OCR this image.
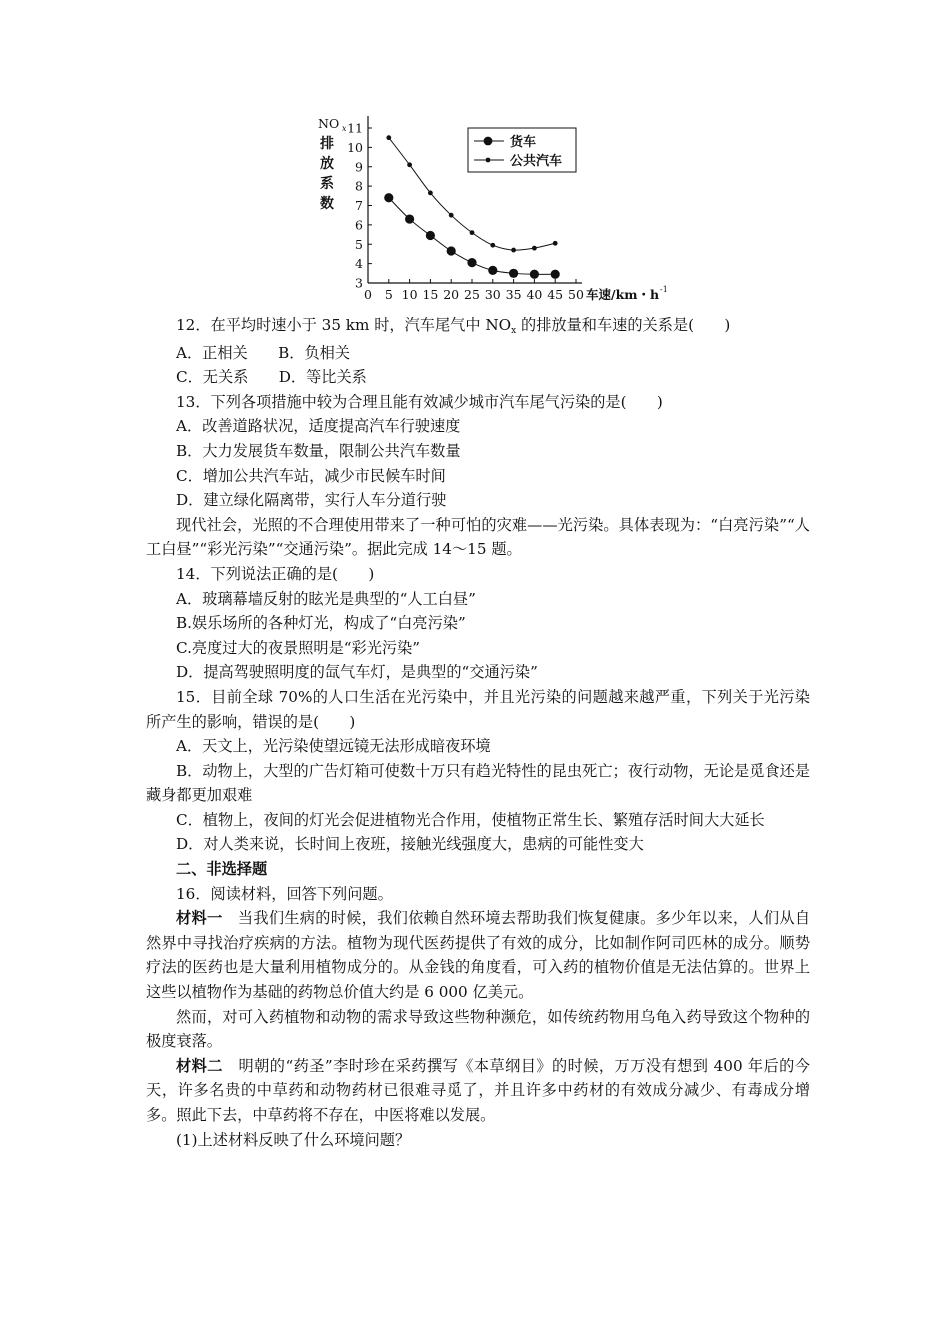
3
4
5
6
7
8
9
10
11
0 5 10 15 20 25 30 35 40 45 50 车速/km・h -1
NO x
排
放
系
数
货车
公共汽车

12．在平均时速小于 35 km 时，汽车尾气中 $NO_x$ 的排放量和车速的关系是(　　)

A．正相关　　B．负相关

C．无关系　　D．等比关系

13．下列各项措施中较为合理且能有效减少城市汽车尾气污染的是(　　)

A．改善道路状况，适度提高汽车行驶速度

B．大力发展货车数量，限制公共汽车数量

C．增加公共汽车站，减少市民候车时间

D．建立绿化隔离带，实行人车分道行驶

现代社会，光照的不合理使用带来了一种可怕的灾难——光污染。具体表现为：“白亮污染”“人工白昼”“彩光污染”“交通污染”。据此完成 14～15 题。

14．下列说法正确的是(　　)

A．玻璃幕墙反射的眩光是典型的“人工白昼”

B.娱乐场所的各种灯光，构成了“白亮污染”

C.亮度过大的夜景照明是“彩光污染”

D．提高驾驶照明度的氙气车灯，是典型的“交通污染”

15．目前全球 70%的人口生活在光污染中，并且光污染的问题越来越严重，下列关于光污染所产生的影响，错误的是(　　)

A．天文上，光污染使望远镜无法形成暗夜环境

B．动物上，大型的广告灯箱可使数十万只有趋光特性的昆虫死亡；夜行动物，无论是觅食还是藏身都更加艰难

C．植物上，夜间的灯光会促进植物光合作用，使植物正常生长、繁殖存活时间大大延长

D．对人类来说，长时间上夜班，接触光线强度大，患病的可能性变大

二、非选择题

16．阅读材料，回答下列问题。

材料一　当我们生病的时候，我们依赖自然环境去帮助我们恢复健康。多少年以来，人们从自然界中寻找治疗疾病的方法。植物为现代医药提供了有效的成分，比如制作阿司匹林的成分。顺势疗法的医药也是大量利用植物成分的。从金钱的角度看，可入药的植物价值是无法估算的。世界上这些以植物作为基础的药物总价值大约是 6 000 亿美元。

然而，对可入药植物和动物的需求导致这些物种濒危，如传统药物用乌龟入药导致这个物种的极度衰落。

材料二　明朝的“药圣”李时珍在采药撰写《本草纲目》的时候，万万没有想到 400 年后的今天，许多名贵的中草药和动物药材已很难寻觅了，并且许多中药材的有效成分减少、有毒成分增多。照此下去，中草药将不存在，中医将难以发展。

(1)上述材料反映了什么环境问题？
